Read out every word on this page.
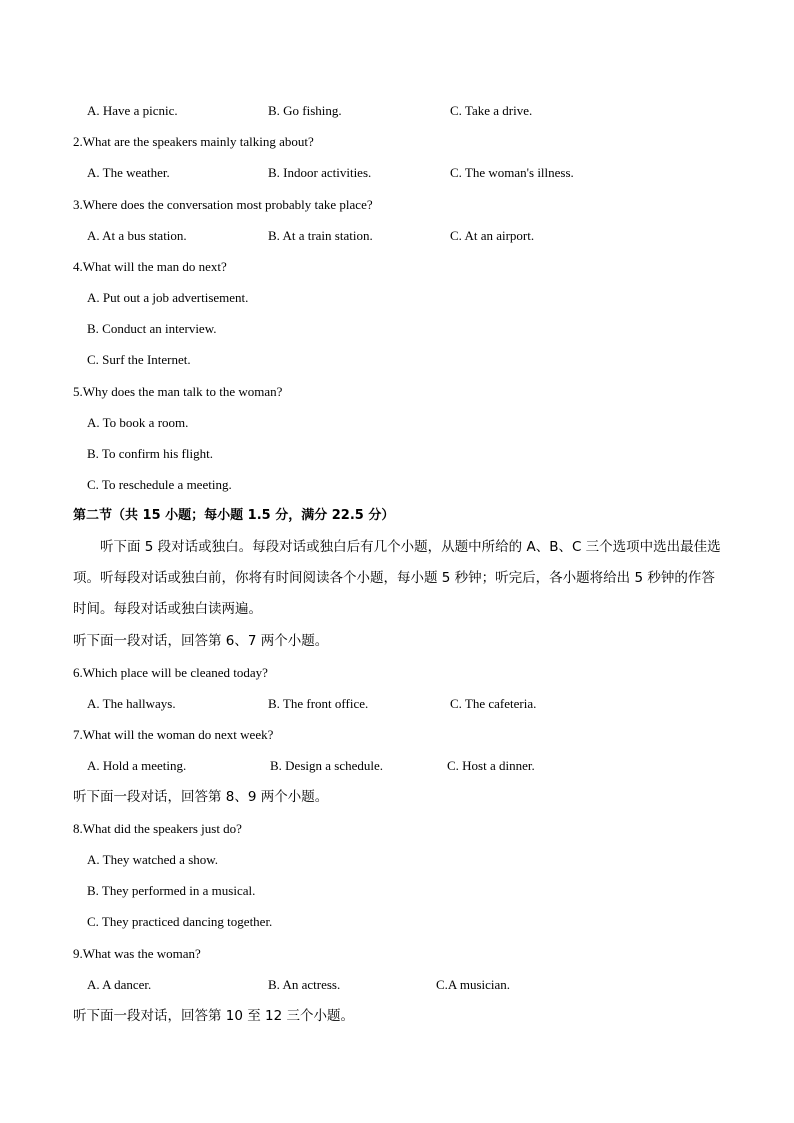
A. Have a picnic.	B. Go fishing.	C. Take a drive.
2.What are the speakers mainly talking about?
A. The weather.	B. Indoor activities.	C. The woman's illness.
3.Where does the conversation most probably take place?
A. At a bus station.	B. At a train station.	C. At an airport.
4.What will the man do next?
A. Put out a job advertisement.
B. Conduct an interview.
C. Surf the Internet.
5.Why does the man talk to the woman?
A. To book a room.
B. To confirm his flight.
C. To reschedule a meeting.
第二节（共 15 小题；每小题 1.5 分，满分 22.5 分）
听下面 5 段对话或独白。每段对话或独白后有几个小题，从题中所给的 A、B、C 三个选项中选出最佳选项。听每段对话或独白前，你将有时间阅读各个小题，每小题 5 秒钟；听完后，各小题将给出 5 秒钟的作答时间。每段对话或独白读两遍。
听下面一段对话，回答第 6、7 两个小题。
6.Which place will be cleaned today?
A. The hallways.	B. The front office.	C. The cafeteria.
7.What will the woman do next week?
A. Hold a meeting.	B. Design a schedule.	C. Host a dinner.
听下面一段对话，回答第 8、9 两个小题。
8.What did the speakers just do?
A. They watched a show.
B. They performed in a musical.
C. They practiced dancing together.
9.What was the woman?
A. A dancer.	B. An actress.	C.A musician.
听下面一段对话，回答第 10 至 12 三个小题。
